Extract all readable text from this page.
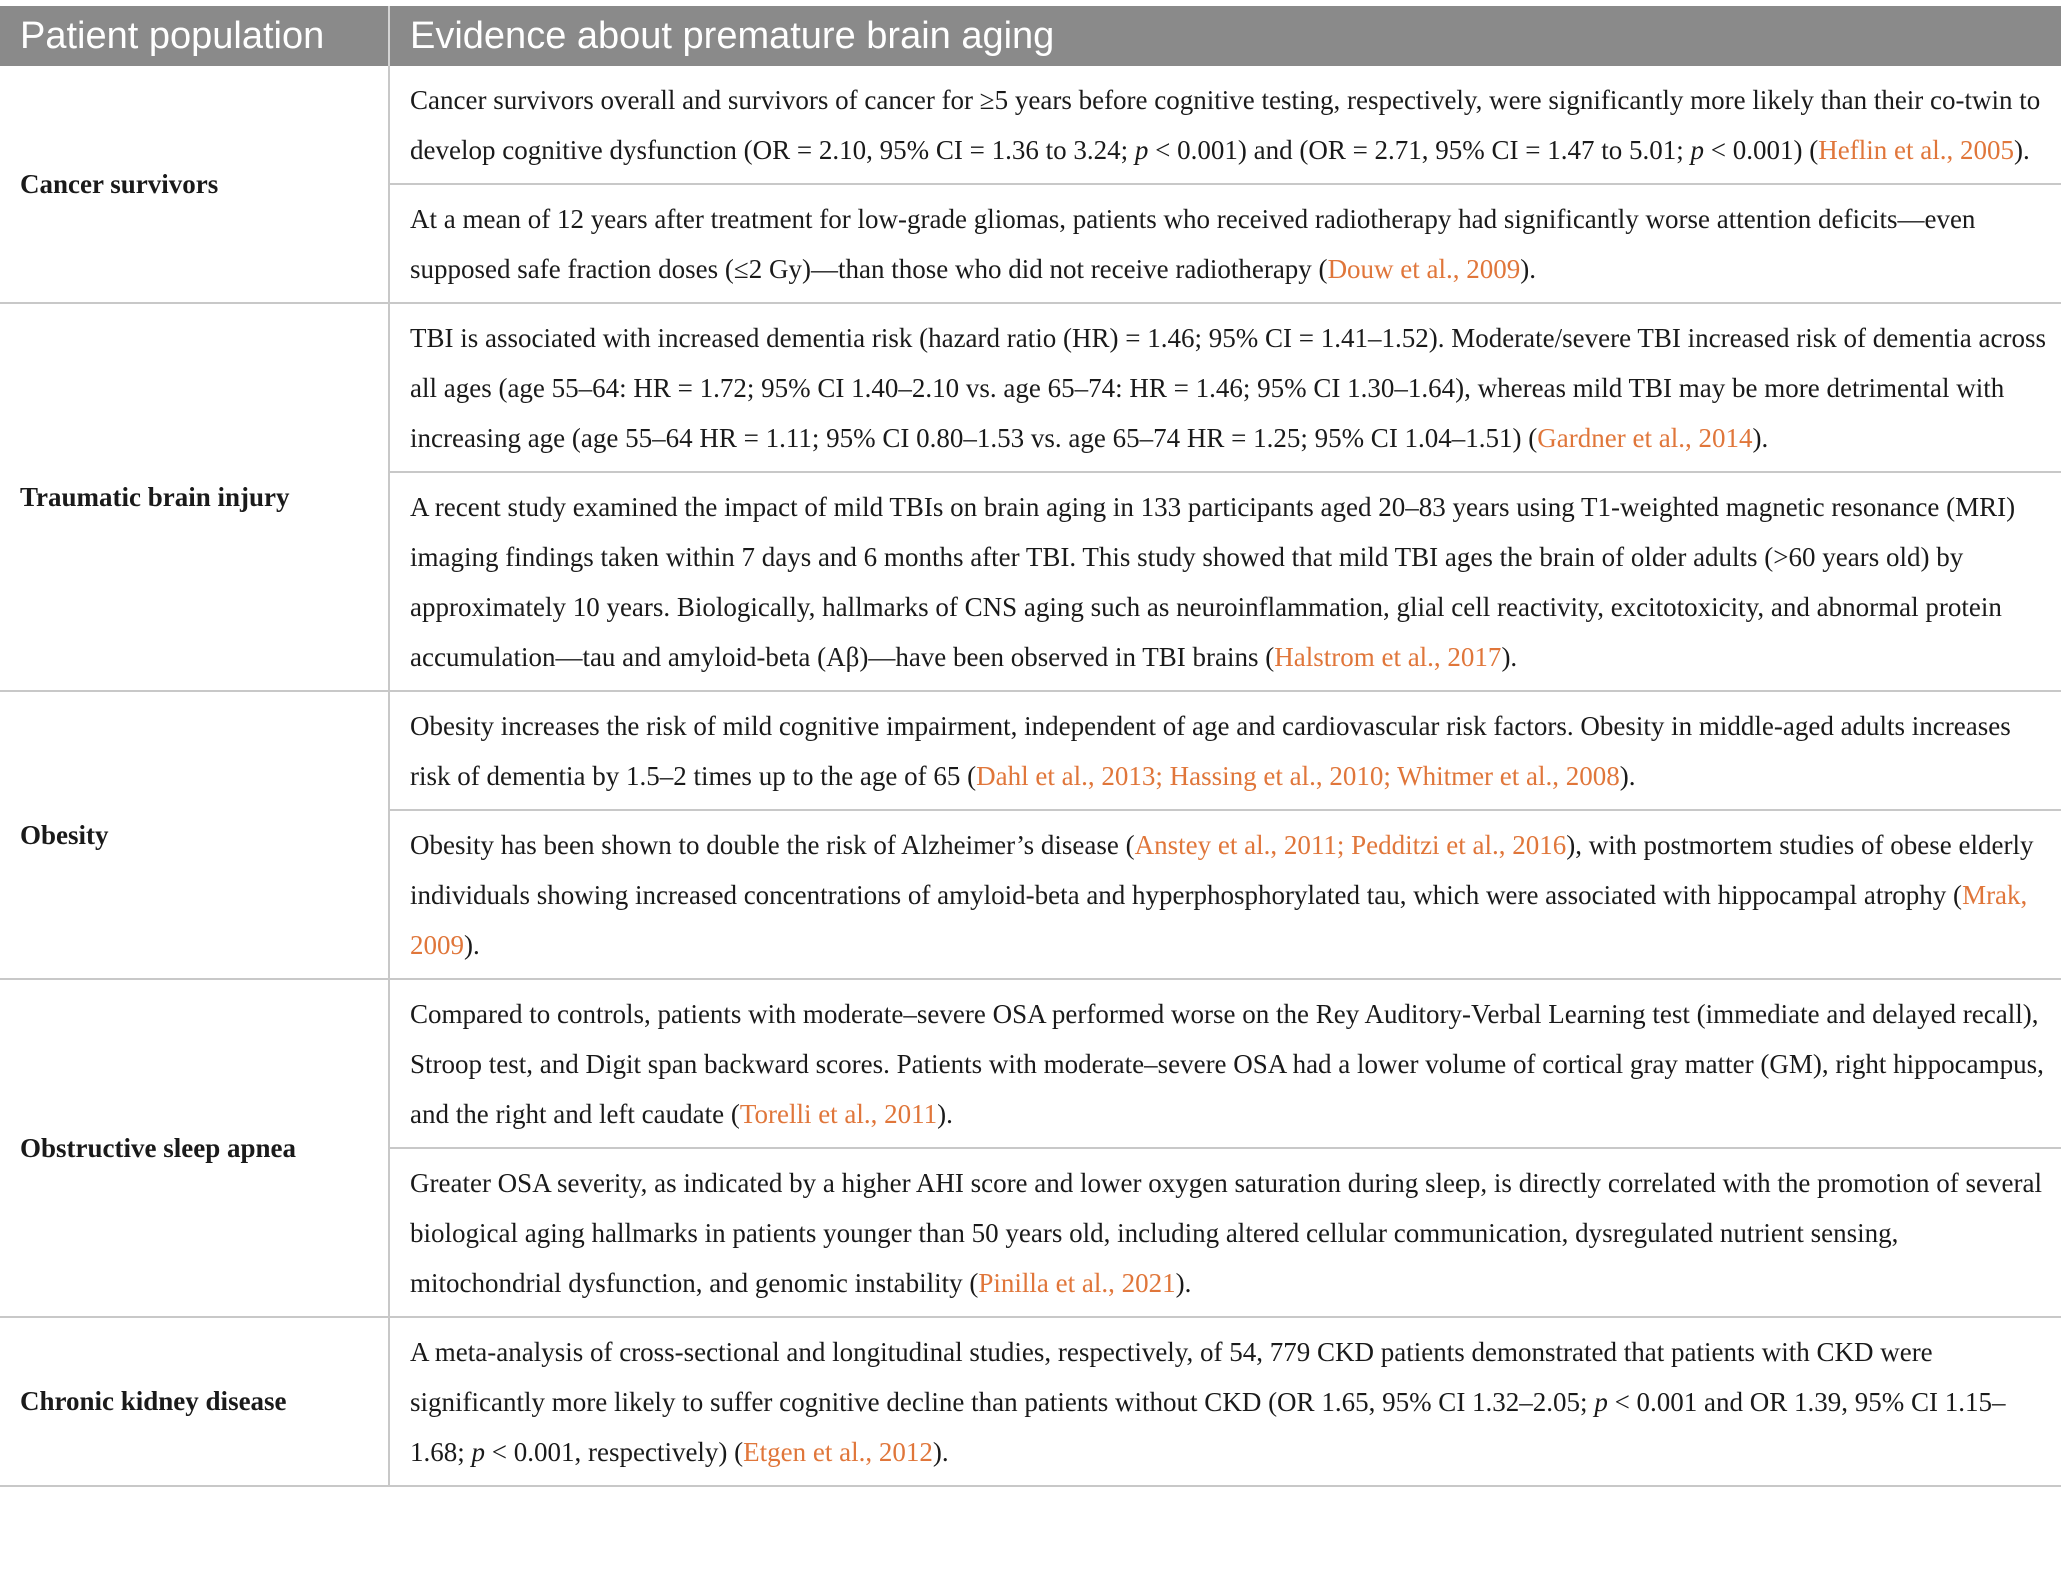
Patient population	Evidence about premature brain aging
Cancer survivors	Cancer survivors overall and survivors of cancer for ≥5 years before cognitive testing, respectively, were significantly more likely than their co-twin to develop cognitive dysfunction (OR = 2.10, 95% CI = 1.36 to 3.24; p < 0.001) and (OR = 2.71, 95% CI = 1.47 to 5.01; p < 0.001) (Heflin et al., 2005).
	At a mean of 12 years after treatment for low-grade gliomas, patients who received radiotherapy had significantly worse attention deficits—even supposed safe fraction doses (≤2 Gy)—than those who did not receive radiotherapy (Douw et al., 2009).
Traumatic brain injury	TBI is associated with increased dementia risk (hazard ratio (HR) = 1.46; 95% CI = 1.41–1.52). Moderate/severe TBI increased risk of dementia across all ages (age 55–64: HR = 1.72; 95% CI 1.40–2.10 vs. age 65–74: HR = 1.46; 95% CI 1.30–1.64), whereas mild TBI may be more detrimental with increasing age (age 55–64 HR = 1.11; 95% CI 0.80–1.53 vs. age 65–74 HR = 1.25; 95% CI 1.04–1.51) (Gardner et al., 2014).
	A recent study examined the impact of mild TBIs on brain aging in 133 participants aged 20–83 years using T1-weighted magnetic resonance (MRI) imaging findings taken within 7 days and 6 months after TBI. This study showed that mild TBI ages the brain of older adults (>60 years old) by approximately 10 years. Biologically, hallmarks of CNS aging such as neuroinflammation, glial cell reactivity, excitotoxicity, and abnormal protein accumulation—tau and amyloid-beta (Aβ)—have been observed in TBI brains (Halstrom et al., 2017).
Obesity	Obesity increases the risk of mild cognitive impairment, independent of age and cardiovascular risk factors. Obesity in middle-aged adults increases risk of dementia by 1.5–2 times up to the age of 65 (Dahl et al., 2013; Hassing et al., 2010; Whitmer et al., 2008).
	Obesity has been shown to double the risk of Alzheimer’s disease (Anstey et al., 2011; Pedditzi et al., 2016), with postmortem studies of obese elderly individuals showing increased concentrations of amyloid-beta and hyperphosphorylated tau, which were associated with hippocampal atrophy (Mrak, 2009).
Obstructive sleep apnea	Compared to controls, patients with moderate–severe OSA performed worse on the Rey Auditory-Verbal Learning test (immediate and delayed recall), Stroop test, and Digit span backward scores. Patients with moderate–severe OSA had a lower volume of cortical gray matter (GM), right hippocampus, and the right and left caudate (Torelli et al., 2011).
	Greater OSA severity, as indicated by a higher AHI score and lower oxygen saturation during sleep, is directly correlated with the promotion of several biological aging hallmarks in patients younger than 50 years old, including altered cellular communication, dysregulated nutrient sensing, mitochondrial dysfunction, and genomic instability (Pinilla et al., 2021).
Chronic kidney disease	A meta-analysis of cross-sectional and longitudinal studies, respectively, of 54, 779 CKD patients demonstrated that patients with CKD were significantly more likely to suffer cognitive decline than patients without CKD (OR 1.65, 95% CI 1.32–2.05; p < 0.001 and OR 1.39, 95% CI 1.15–1.68; p < 0.001, respectively) (Etgen et al., 2012).
